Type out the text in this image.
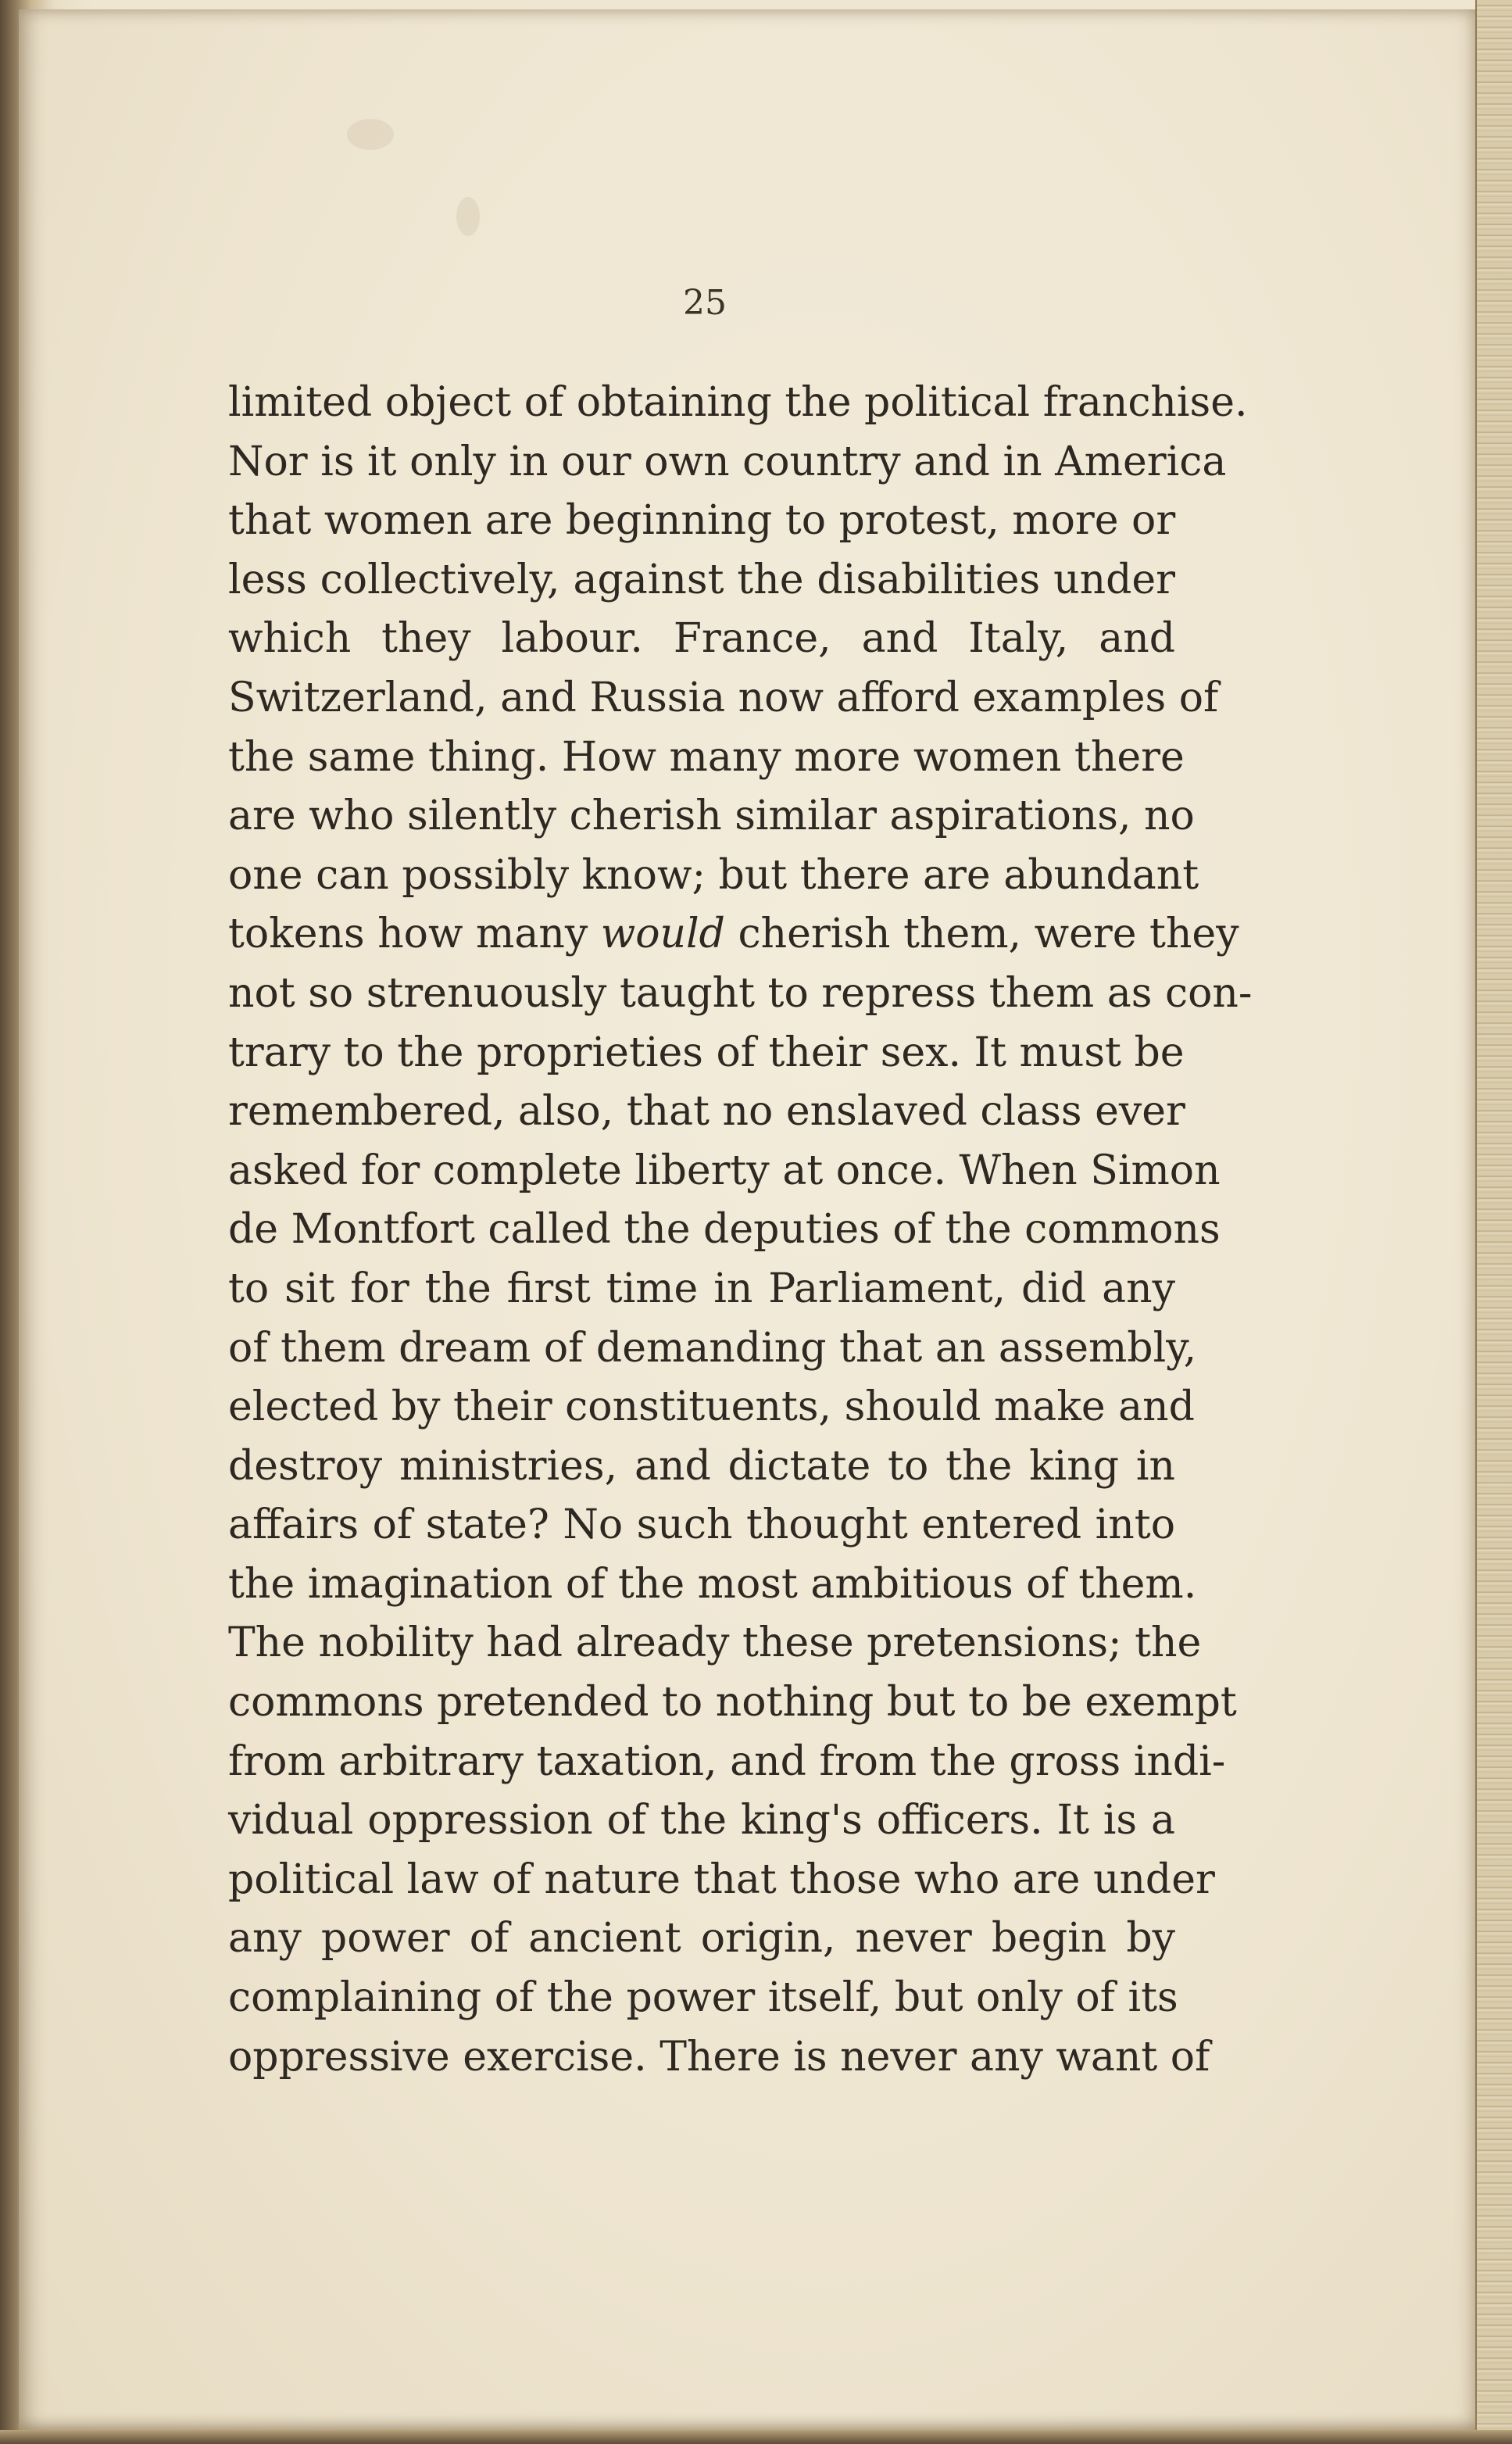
25
limited object of obtaining the political franchise.
Nor is it only in our own country and in America
that women are beginning to protest, more or
less collectively, against the disabilities under
which they labour. France, and Italy, and
Switzerland, and Russia now afford examples of
the same thing. How many more women there
are who silently cherish similar aspirations, no
one can possibly know; but there are abundant
tokens how many would cherish them, were they
not so strenuously taught to repress them as con-
trary to the proprieties of their sex. It must be
remembered, also, that no enslaved class ever
asked for complete liberty at once. When Simon
de Montfort called the deputies of the commons
to sit for the first time in Parliament, did any
of them dream of demanding that an assembly,
elected by their constituents, should make and
destroy ministries, and dictate to the king in
affairs of state? No such thought entered into
the imagination of the most ambitious of them.
The nobility had already these pretensions; the
commons pretended to nothing but to be exempt
from arbitrary taxation, and from the gross indi-
vidual oppression of the king's officers. It is a
political law of nature that those who are under
any power of ancient origin, never begin by
complaining of the power itself, but only of its
oppressive exercise. There is never any want of
